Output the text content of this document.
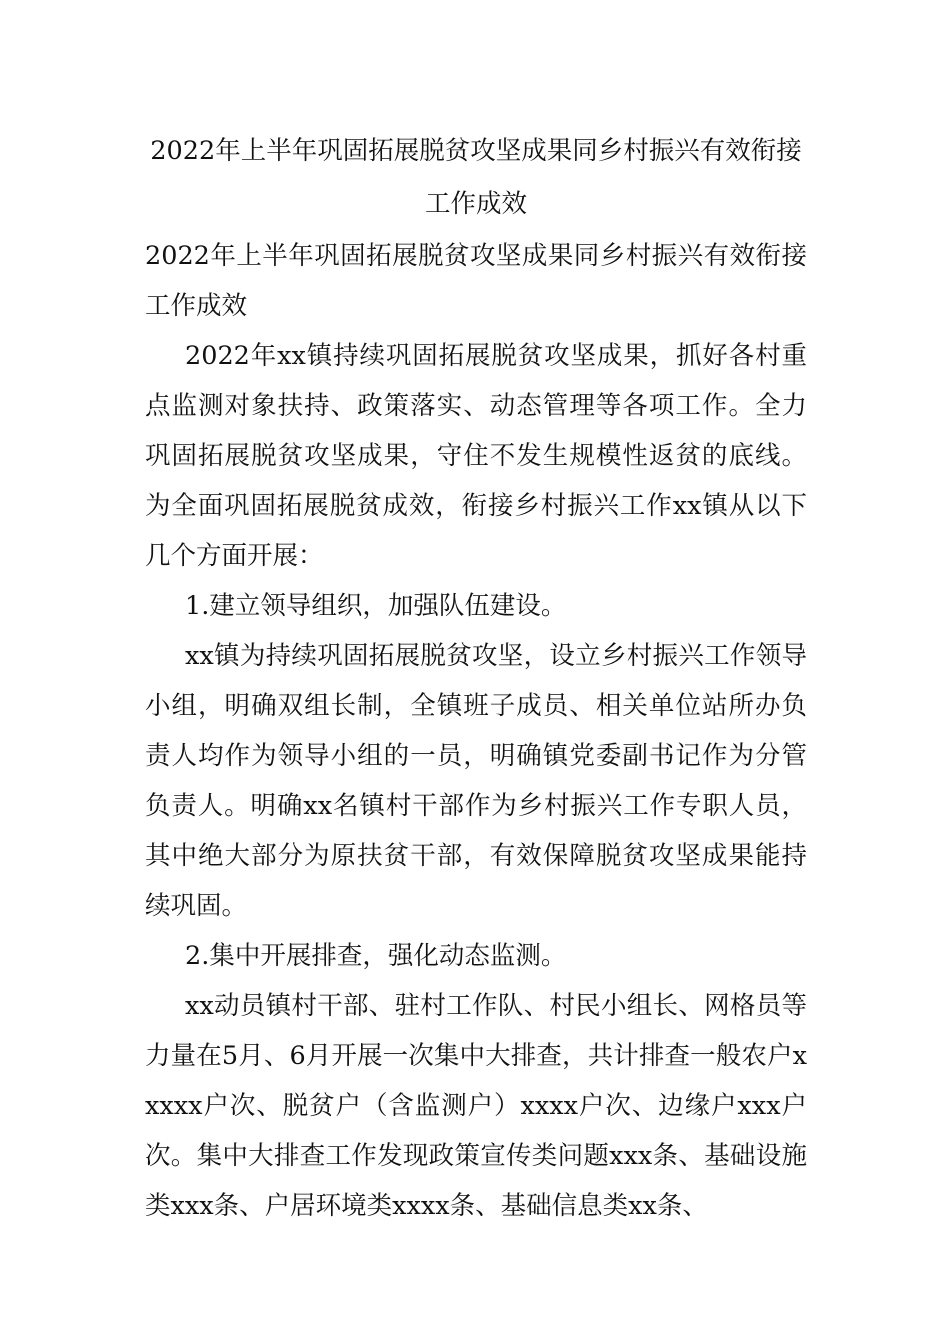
2022年上半年巩固拓展脱贫攻坚成果同乡村振兴有效衔接工作成效

2022年上半年巩固拓展脱贫攻坚成果同乡村振兴有效衔接工作成效

2022年xx镇持续巩固拓展脱贫攻坚成果，抓好各村重点监测对象扶持、政策落实、动态管理等各项工作。全力巩固拓展脱贫攻坚成果，守住不发生规模性返贫的底线。为全面巩固拓展脱贫成效，衔接乡村振兴工作xx镇从以下几个方面开展：

1.建立领导组织，加强队伍建设。

xx镇为持续巩固拓展脱贫攻坚，设立乡村振兴工作领导小组，明确双组长制，全镇班子成员、相关单位站所办负责人均作为领导小组的一员，明确镇党委副书记作为分管负责人。明确xx名镇村干部作为乡村振兴工作专职人员，其中绝大部分为原扶贫干部，有效保障脱贫攻坚成果能持续巩固。

2.集中开展排查，强化动态监测。

xx动员镇村干部、驻村工作队、村民小组长、网格员等力量在5月、6月开展一次集中大排查，共计排查一般农户xxxxx户次、脱贫户（含监测户）xxxx户次、边缘户xxx户次。集中大排查工作发现政策宣传类问题xxx条、基础设施类xxx条、户居环境类xxxx条、基础信息类xx条、
